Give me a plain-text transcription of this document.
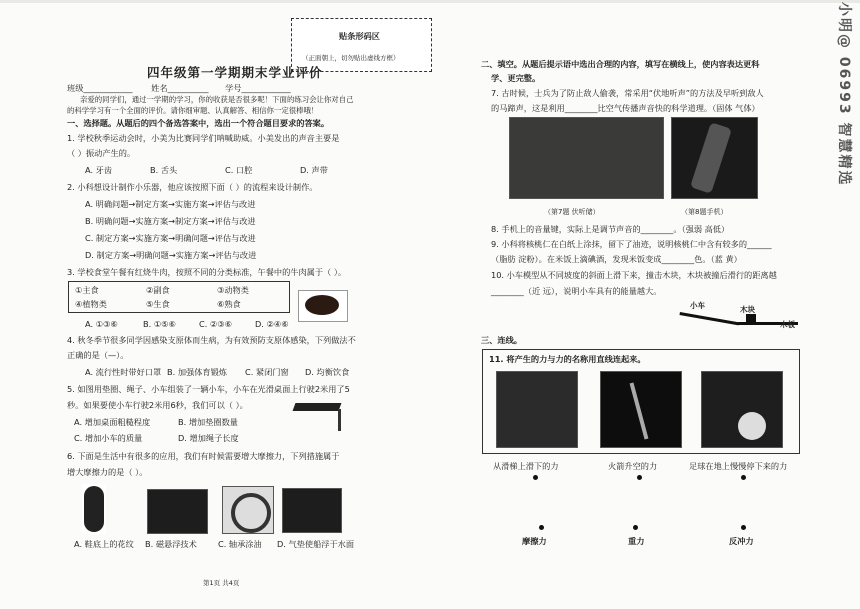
贴条形码区
（正面朝上，切勿贴出虚线方框）	小明@ 06993 智慧精选
四年级第一学期期末学业评价
班级____________ 姓名__________ 学号____________
亲爱的同学们，通过一学期的学习，你的收获是否很多呢！下面的练习会让你对自己
的科学学习有一个全面的评价。请你细审题、认真解答、相信你一定很棒哦！
一、选择题。从题后的四个备选答案中，选出一个符合题目要求的答案。
1. 学校秋季运动会时，小美为比赛同学们呐喊助威。小美发出的声音主要是
（ ）振动产生的。
A. 牙齿	B. 舌头	C. 口腔	D. 声带
2. 小科想设计制作小乐器，他应该按照下面（ ）的流程来设计制作。
A. 明确问题→制定方案→实施方案→评估与改进
B. 明确问题→实施方案→制定方案→评估与改进
C. 制定方案→实施方案→明确问题→评估与改进
D. 制定方案→明确问题→实施方案→评估与改进
3. 学校食堂午餐有红烧牛肉，按照不同的分类标准，午餐中的牛肉属于（ ）。
①主食	②副食	③动物类
④植物类	⑤生食	⑥熟食
A. ①③⑥	B. ①⑤⑥	C. ②③⑥	D. ②④⑥
4. 秋冬季节很多同学因感染支原体而生病，为有效预防支原体感染，下列做法不
正确的是（—）。
A. 流行性时带好口罩 B. 加强体育锻炼 C. 紧闭门窗 D. 均衡饮食
5. 如图用垫圈、绳子、小车组装了一辆小车，小车在光滑桌面上行驶2米用了5
秒。如果要使小车行驶2米用6秒，我们可以（ ）。
A. 增加桌面粗糙程度	B. 增加垫圈数量
C. 增加小车的质量	D. 增加绳子长度
6. 下面是生活中有很多的应用，我们有时候需要增大摩擦力，下列措施属于
增大摩擦力的是（ ）。
A. 鞋底上的花纹 B. 磁悬浮技术	C. 轴承涂油 D. 气垫使船浮于水面
第1页 共4页
二、填空。从题后提示语中选出合理的内容，填写在横线上，使内容表达更科
学、更完整。
7. 古时候，士兵为了防止敌人偷袭，常采用“伏地听声”的方法及早听到敌人
的马蹄声，这是利用________比空气传播声音快的科学道理。（固体 气体）
（第7题 伏听储）	（第8题手机）
8. 手机上的音量键，实际上是调节声音的________。（强弱 高低）
9. 小科将核桃仁在白纸上涂抹，留下了油迹，说明核桃仁中含有较多的______
（脂肪 淀粉）。在米饭上滴碘酒，发现米饭变成________色。（蓝 黄）
10. 小车模型从不同坡度的斜面上滑下来，撞击木块，木块被撞后滑行的距离越
________（近 远），说明小车具有的能量越大。
小车	木块
木板
三、连线。
11. 将产生的力与力的名称用直线连起来。
从滑梯上滑下的力	火箭升空的力	足球在地上慢慢停下来的力
摩擦力	重力	反冲力
